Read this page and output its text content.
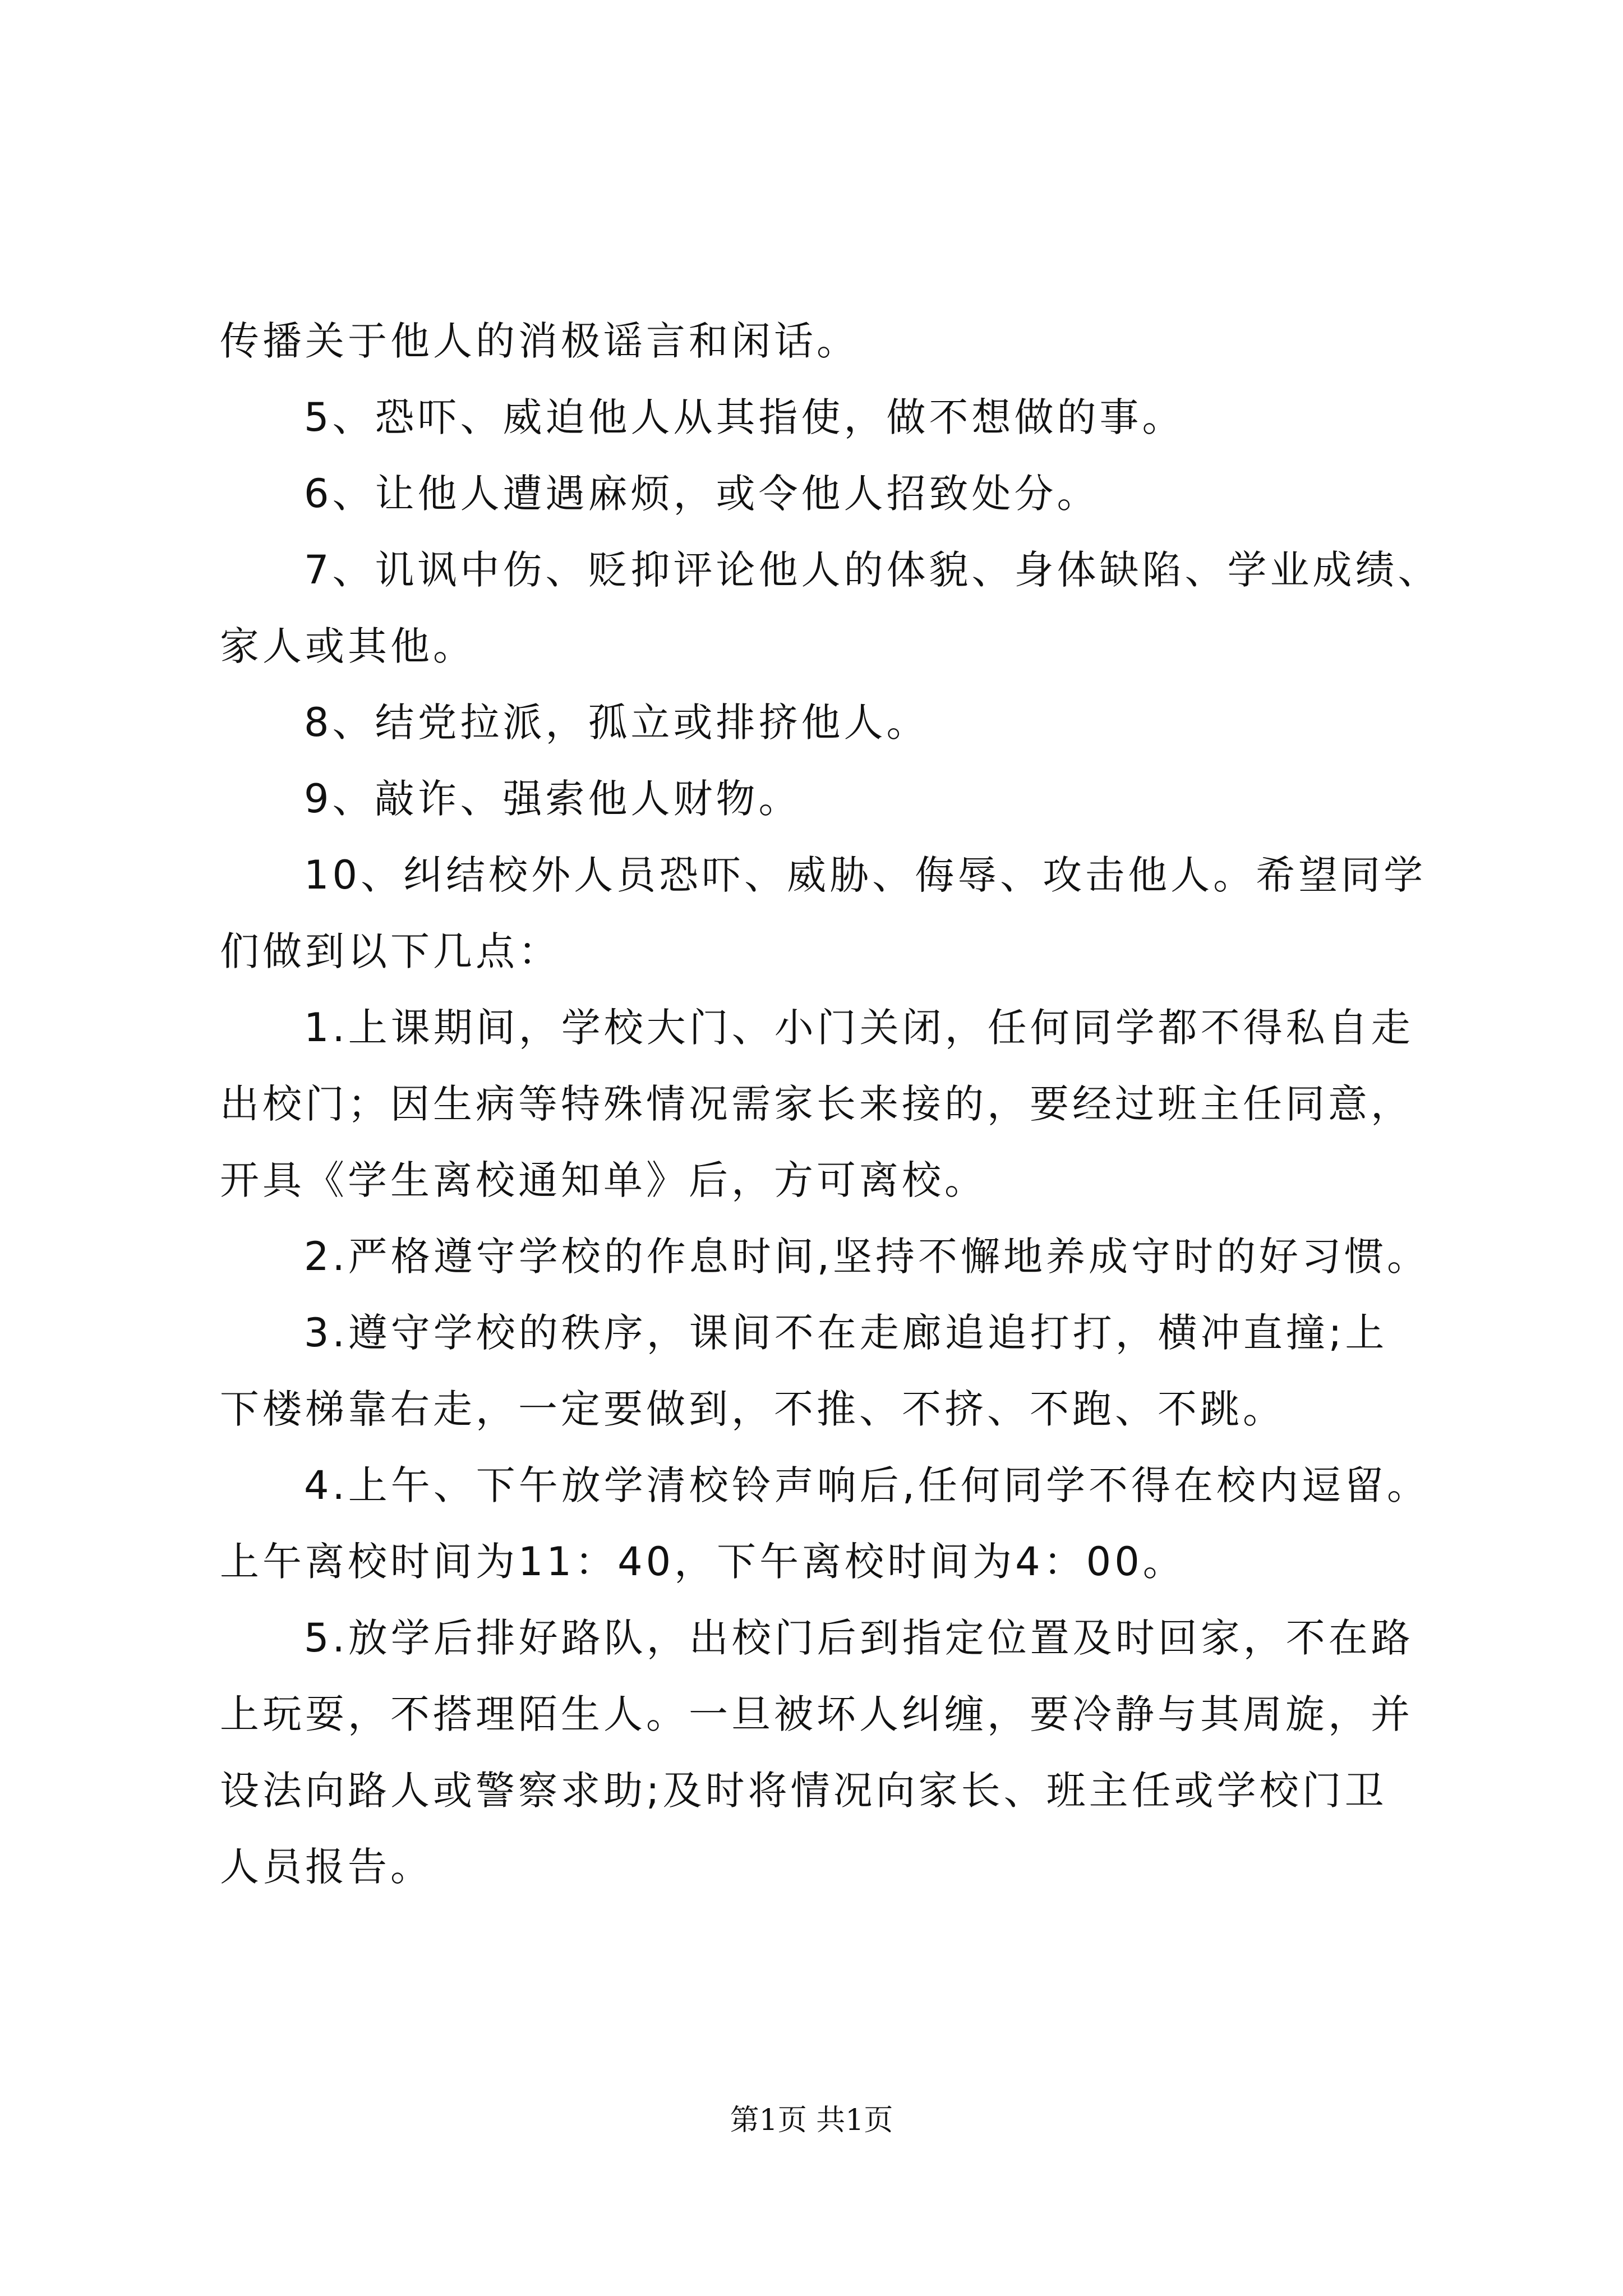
传播关于他人的消极谣言和闲话。

5、恐吓、威迫他人从其指使，做不想做的事。

6、让他人遭遇麻烦，或令他人招致处分。

7、讥讽中伤、贬抑评论他人的体貌、身体缺陷、学业成绩、

家人或其他。

8、结党拉派，孤立或排挤他人。

9、敲诈、强索他人财物。

10、纠结校外人员恐吓、威胁、侮辱、攻击他人。希望同学

们做到以下几点：

1.上课期间，学校大门、小门关闭，任何同学都不得私自走

出校门；因生病等特殊情况需家长来接的，要经过班主任同意，

开具《学生离校通知单》后，方可离校。

2.严格遵守学校的作息时间,坚持不懈地养成守时的好习惯。

3.遵守学校的秩序，课间不在走廊追追打打，横冲直撞;上

下楼梯靠右走，一定要做到，不推、不挤、不跑、不跳。

4.上午、下午放学清校铃声响后,任何同学不得在校内逗留。

上午离校时间为11：40，下午离校时间为4：00。

5.放学后排好路队，出校门后到指定位置及时回家，不在路

上玩耍，不搭理陌生人。一旦被坏人纠缠，要冷静与其周旋，并

设法向路人或警察求助;及时将情况向家长、班主任或学校门卫

人员报告。

第1页 共1页
